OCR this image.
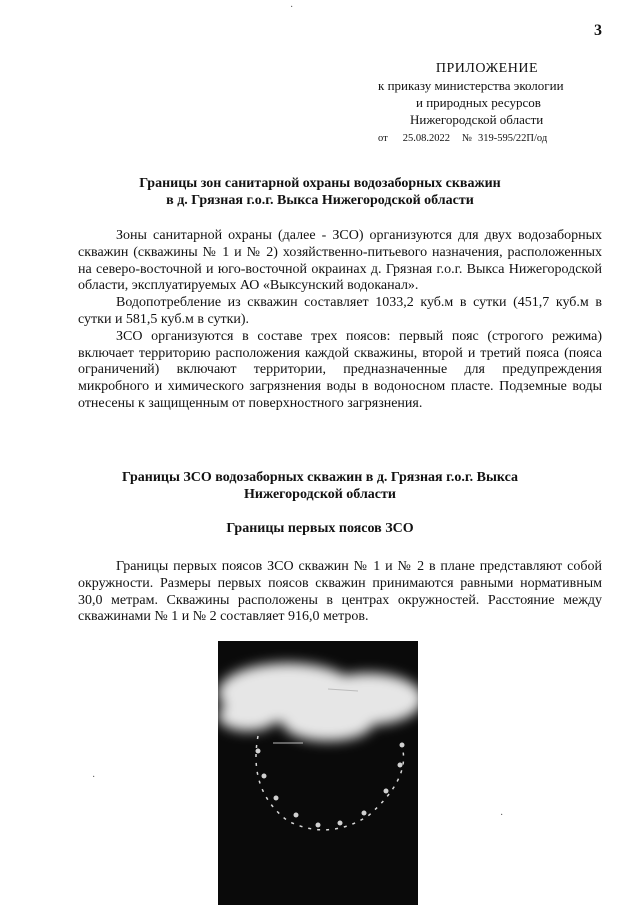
3
ПРИЛОЖЕНИЕ
к приказу министерства экологии
и природных ресурсов
Нижегородской области
от 25.08.2022 № 319-595/22П/од
Границы зон санитарной охраны водозаборных скважин
в д. Грязная г.о.г. Выкса Нижегородской области

Зоны санитарной охраны (далее - ЗСО) организуются для двух водозаборных скважин (скважины № 1 и № 2) хозяйственно-питьевого назначения, расположенных на северо-восточной и юго-восточной окраинах д. Грязная г.о.г. Выкса Нижегородской области, эксплуатируемых АО «Выксунский водоканал».

Водопотребление из скважин составляет 1033,2 куб.м в сутки (451,7 куб.м в сутки и 581,5 куб.м в сутки).

ЗСО организуются в составе трех поясов: первый пояс (строгого режима) включает территорию расположения каждой скважины, второй и третий пояса (пояса ограничений) включают территории, предназначенные для предупреждения микробного и химического загрязнения воды в водоносном пласте. Подземные воды отнесены к защищенным от поверхностного загрязнения.

Границы ЗСО водозаборных скважин в д. Грязная г.о.г. Выкса
Нижегородской области
Границы первых поясов ЗСО

Границы первых поясов ЗСО скважин № 1 и № 2 в плане представляют собой окружности. Размеры первых поясов скважин принимаются равными нормативным 30,0 метрам. Скважины расположены в центрах окружностей. Расстояние между скважинами № 1 и № 2 составляет 916,0 метров.

·
·
·
